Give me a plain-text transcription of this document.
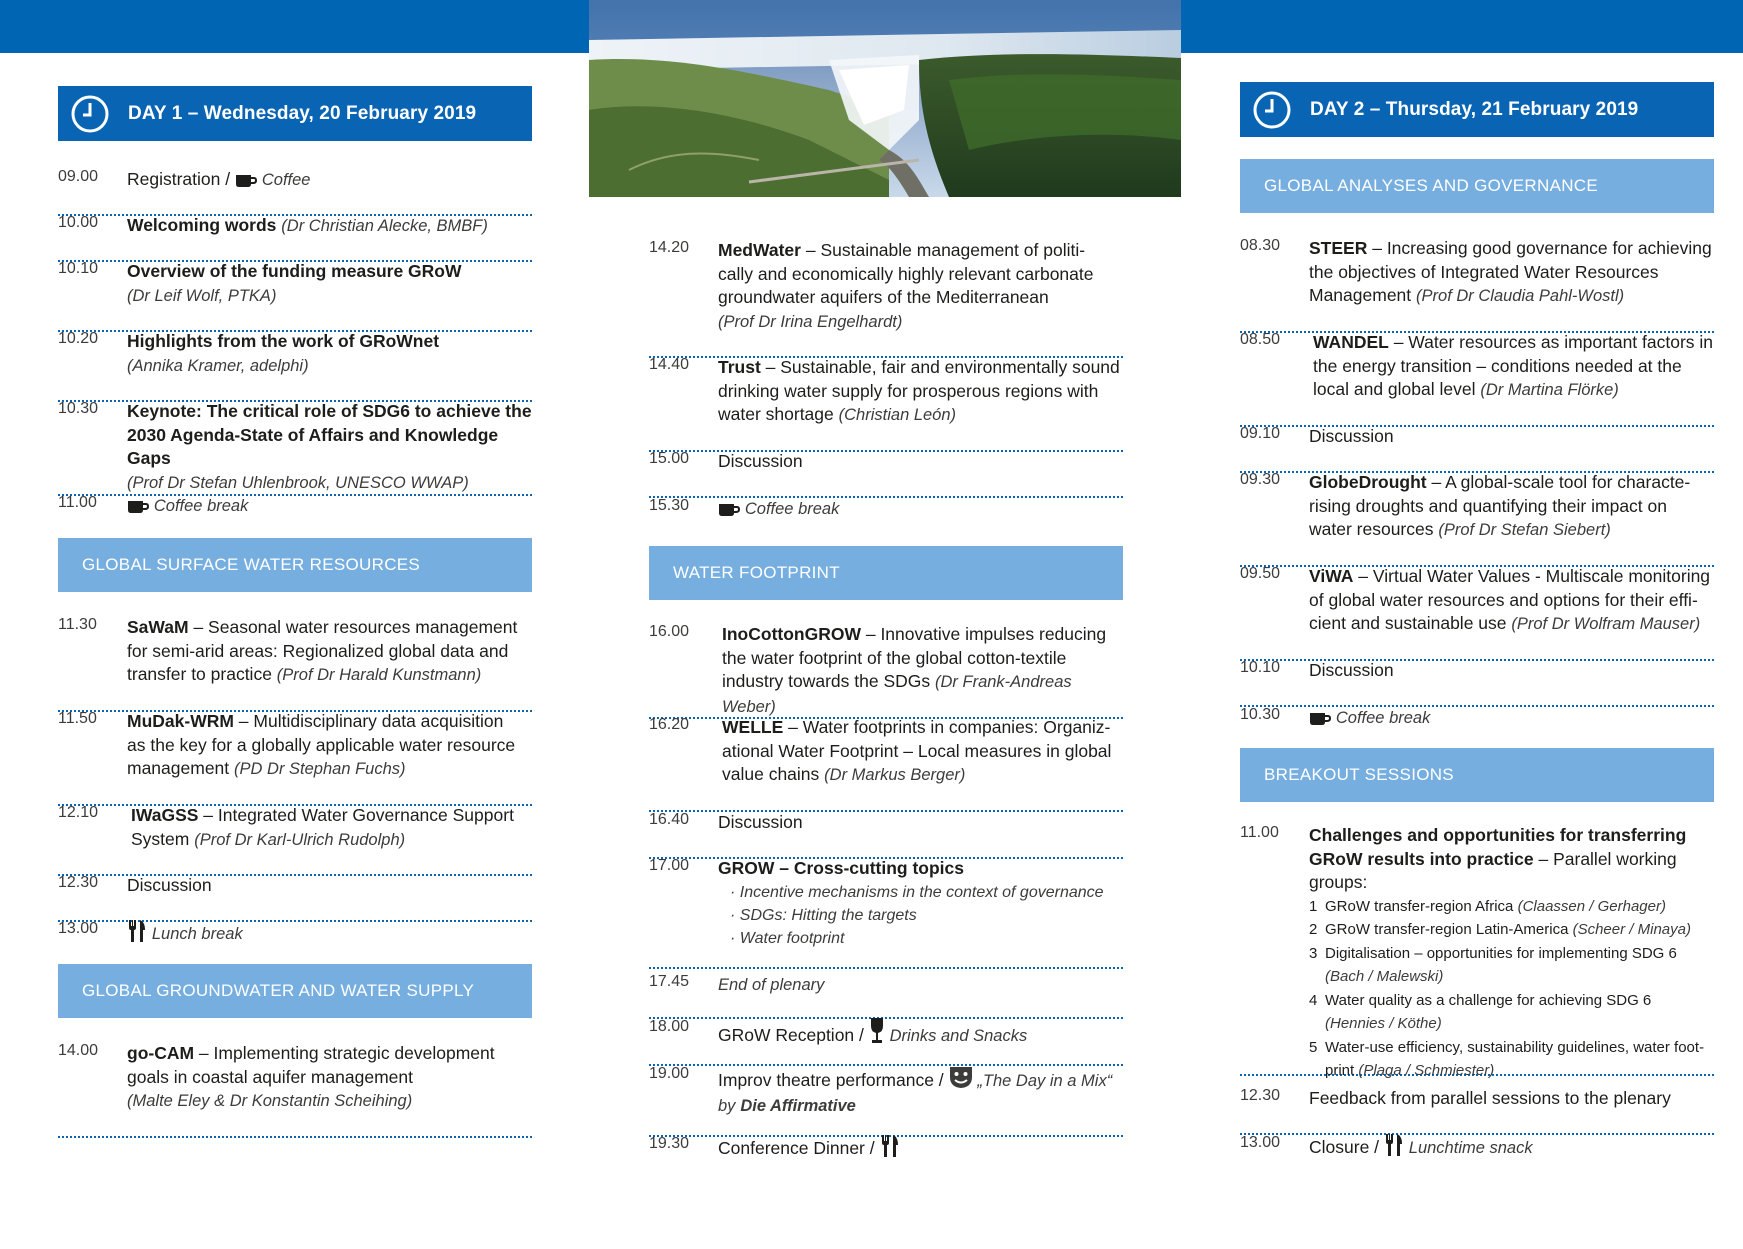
DAY 1 – Wednesday, 20 February 2019
09.00	Registration / Coffee
10.00	Welcoming words (Dr Christian Alecke, BMBF)
10.10	Overview of the funding measure GRoW
(Dr Leif Wolf, PTKA)
10.20	Highlights from the work of GRoWnet
(Annika Kramer, adelphi)
10.30	Keynote: The critical role of SDG6 to achieve the
2030 Agenda-State of Affairs and Knowledge Gaps
(Prof Dr Stefan Uhlenbrook, UNESCO WWAP)
11.00	Coffee break
GLOBAL SURFACE WATER RESOURCES
11.30	SaWaM – Seasonal water resources management
for semi-arid areas: Regionalized global data and
transfer to practice (Prof Dr Harald Kunstmann)
11.50	MuDak-WRM – Multidisciplinary data acquisition
as the key for a globally applicable water resource
management (PD Dr Stephan Fuchs)
12.10	IWaGSS – Integrated Water Governance Support
System (Prof Dr Karl-Ulrich Rudolph)
12.30	Discussion
13.00	Lunch break
GLOBAL GROUNDWATER AND WATER SUPPLY
14.00	go-CAM – Implementing strategic development
goals in coastal aquifer management
(Malte Eley & Dr Konstantin Scheihing)
14.20	MedWater – Sustainable management of politi-
cally and economically highly relevant carbonate
groundwater aquifers of the Mediterranean
(Prof Dr Irina Engelhardt)
14.40	Trust – Sustainable, fair and environmentally sound
drinking water supply for prosperous regions with
water shortage (Christian León)
15.00	Discussion
15.30	Coffee break
WATER FOOTPRINT
16.00	InoCottonGROW – Innovative impulses reducing
the water footprint of the global cotton-textile
industry towards the SDGs (Dr Frank-Andreas Weber)
16.20	WELLE – Water footprints in companies: Organiz-
ational Water Footprint – Local measures in global
value chains (Dr Markus Berger)
16.40	Discussion
17.00	GROW – Cross-cutting topics
· Incentive mechanisms in the context of governance
· SDGs: Hitting the targets
· Water footprint
17.45	End of plenary
18.00	GRoW Reception / Drinks and Snacks
19.00	Improv theatre performance / „The Day in a Mix“
by Die Affirmative
19.30	Conference Dinner /
DAY 2 – Thursday, 21 February 2019
GLOBAL ANALYSES AND GOVERNANCE
08.30	STEER – Increasing good governance for achieving
the objectives of Integrated Water Resources
Management (Prof Dr Claudia Pahl-Wostl)
08.50	WANDEL – Water resources as important factors in
the energy transition – conditions needed at the
local and global level (Dr Martina Flörke)
09.10	Discussion
09.30	GlobeDrought – A global-scale tool for characte-
rising droughts and quantifying their impact on
water resources (Prof Dr Stefan Siebert)
09.50	ViWA – Virtual Water Values - Multiscale monitoring
of global water resources and options for their effi-
cient and sustainable use (Prof Dr Wolfram Mauser)
10.10	Discussion
10.30	Coffee break
BREAKOUT SESSIONS
11.00	Challenges and opportunities for transferring
GRoW results into practice – Parallel working groups:
1 GRoW transfer-region Africa (Claassen / Gerhager)
2 GRoW transfer-region Latin-America (Scheer / Minaya)
3 Digitalisation – opportunities for implementing SDG 6
(Bach / Malewski)
4 Water quality as a challenge for achieving SDG 6
(Hennies / Köthe)
5 Water-use efficiency, sustainability guidelines, water foot-
print (Plaga / Schmiester)
12.30	Feedback from parallel sessions to the plenary
13.00	Closure / Lunchtime snack
